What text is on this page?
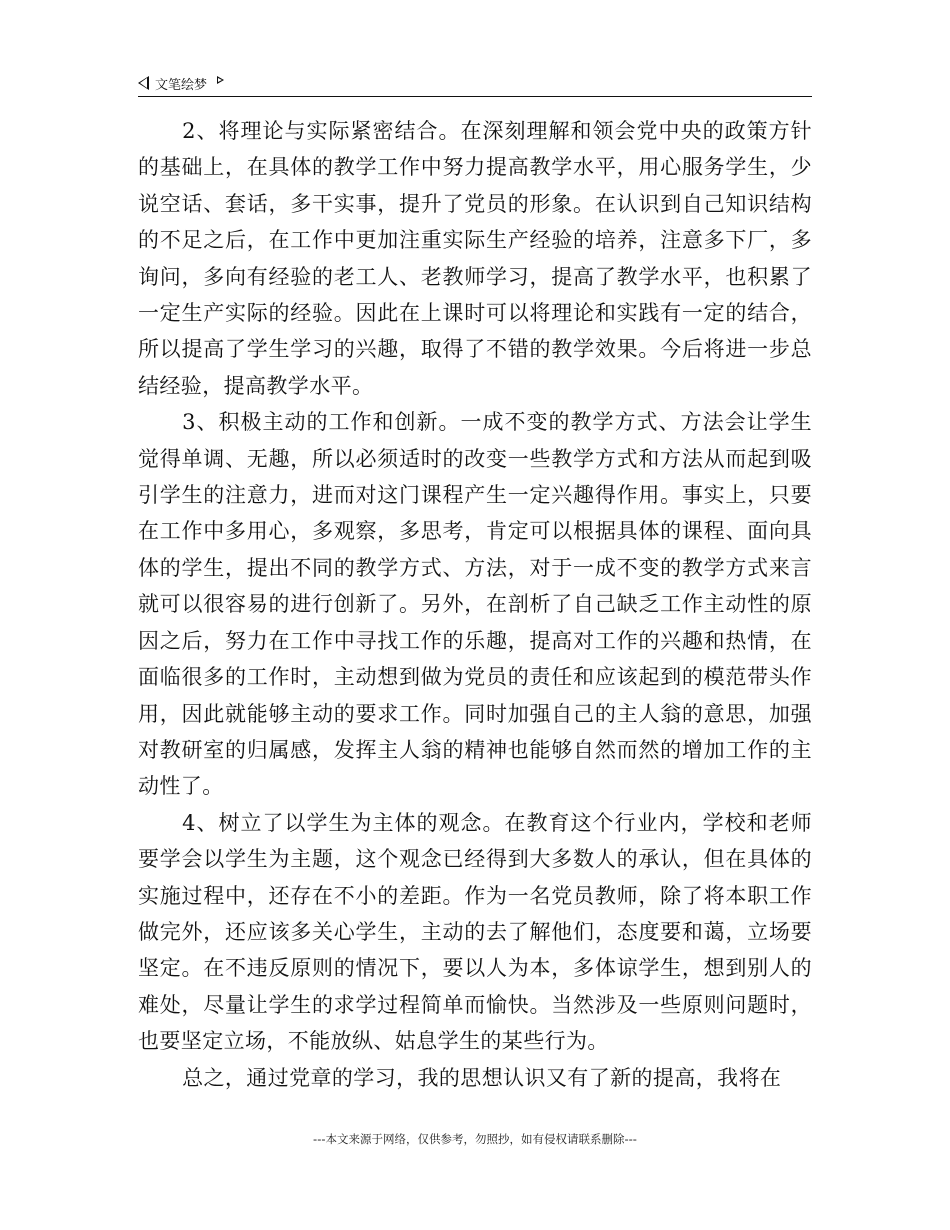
文笔绘梦

2、将理论与实际紧密结合。在深刻理解和领会党中央的政策方针的基础上，在具体的教学工作中努力提高教学水平，用心服务学生，少说空话、套话，多干实事，提升了党员的形象。在认识到自己知识结构的不足之后，在工作中更加注重实际生产经验的培养，注意多下厂，多询问，多向有经验的老工人、老教师学习，提高了教学水平，也积累了一定生产实际的经验。因此在上课时可以将理论和实践有一定的结合，所以提高了学生学习的兴趣，取得了不错的教学效果。今后将进一步总结经验，提高教学水平。

3、积极主动的工作和创新。一成不变的教学方式、方法会让学生觉得单调、无趣，所以必须适时的改变一些教学方式和方法从而起到吸引学生的注意力，进而对这门课程产生一定兴趣得作用。事实上，只要在工作中多用心，多观察，多思考，肯定可以根据具体的课程、面向具体的学生，提出不同的教学方式、方法，对于一成不变的教学方式来言就可以很容易的进行创新了。另外，在剖析了自己缺乏工作主动性的原因之后，努力在工作中寻找工作的乐趣，提高对工作的兴趣和热情，在面临很多的工作时，主动想到做为党员的责任和应该起到的模范带头作用，因此就能够主动的要求工作。同时加强自己的主人翁的意思，加强对教研室的归属感，发挥主人翁的精神也能够自然而然的增加工作的主动性了。

4、树立了以学生为主体的观念。在教育这个行业内，学校和老师要学会以学生为主题，这个观念已经得到大多数人的承认，但在具体的实施过程中，还存在不小的差距。作为一名党员教师，除了将本职工作做完外，还应该多关心学生，主动的去了解他们，态度要和蔼，立场要坚定。在不违反原则的情况下，要以人为本，多体谅学生，想到别人的难处，尽量让学生的求学过程简单而愉快。当然涉及一些原则问题时，也要坚定立场，不能放纵、姑息学生的某些行为。

总之，通过党章的学习，我的思想认识又有了新的提高，我将在

---本文来源于网络，仅供参考，勿照抄，如有侵权请联系删除---
